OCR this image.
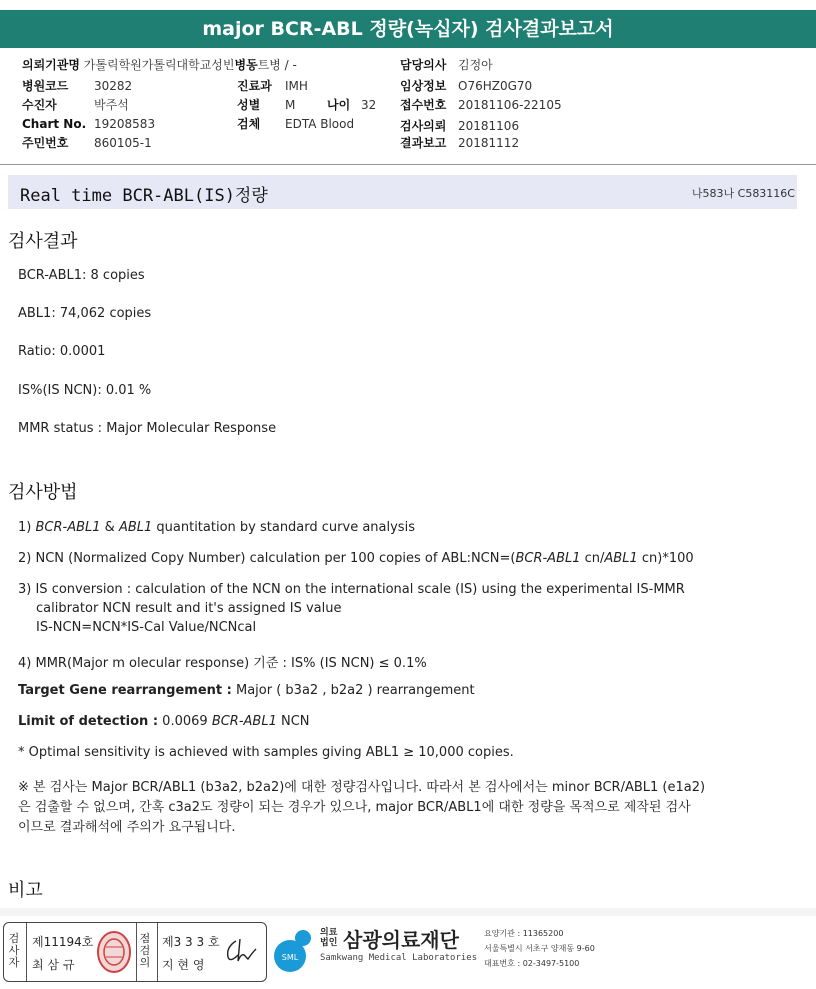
major BCR-ABL 정량(녹십자) 검사결과보고서
의뢰기관명 가톨릭학원가톨릭대학교성빈병동트병 / -
병원코드 30282
수진자	박주석
Chart No. 19208583
주민번호 860105-1
진료과 IMH
성별 M	나이 32
검체 EDTA Blood
담당의사 김정아
임상정보 O76HZ0G70
접수번호 20181106-22105
검사의뢰 20181106
결과보고 20181112
Real time BCR-ABL(IS)정량	나583나 C583116C
검사결과
BCR-ABL1: 8 copies
ABL1: 74,062 copies
Ratio: 0.0001
IS%(IS NCN): 0.01 %
MMR status : Major Molecular Response
검사방법
1) BCR-ABL1 & ABL1 quantitation by standard curve analysis
2) NCN (Normalized Copy Number) calculation per 100 copies of ABL:NCN=(BCR-ABL1 cn/ABL1 cn)*100
3) IS conversion : calculation of the NCN on the international scale (IS) using the experimental IS-MMR
calibrator NCN result and it's assigned IS value
IS-NCN=NCN*IS-Cal Value/NCNcal
4) MMR(Major m olecular response) 기준 : IS% (IS NCN) ≤ 0.1%
Target Gene rearrangement : Major ( b3a2 , b2a2 ) rearrangement
Limit of detection : 0.0069 BCR-ABL1 NCN
* Optimal sensitivity is achieved with samples giving ABL1 ≥ 10,000 copies.
※ 본 검사는 Major BCR/ABL1 (b3a2, b2a2)에 대한 정량검사입니다. 따라서 본 검사에서는 minor BCR/ABL1 (e1a2)
은 검출할 수 없으며, 간혹 c3a2도 정량이 되는 경우가 있으나, major BCR/ABL1에 대한 정량을 목적으로 제작된 검사
이므로 결과해석에 주의가 요구됩니다.
비고
검사자
제11194호
최 삼 규
점검의
제3 3 3 호
지 현 영
SML
의료법인 삼광의료재단
Samkwang Medical Laboratories
요양기관 : 11365200
서울특별시 서초구 양재동 9-60
대표번호 : 02-3497-5100
